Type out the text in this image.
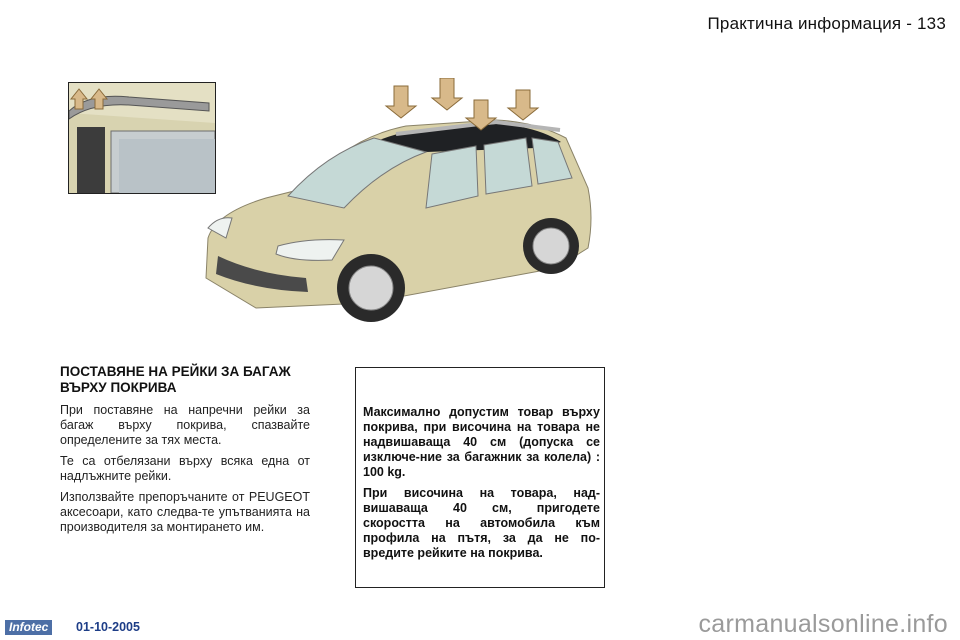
Практична информация - 133
ПОСТАВЯНЕ НА РЕЙКИ ЗА БАГАЖ ВЪРХУ ПОКРИВА

При поставяне на напречни рейки за багаж върху покрива, спазвайте определените за тях места.

Те са отбелязани върху всяка една от надлъжните рейки.

Използвайте препоръчаните от PEUGEOT аксесоари, като следва-те упътванията на производителя за монтирането им.

Максимално допустим товар върху покрива, при височина на товара не надвишаваща 40 см (допуска се изключе-ние за багажник за колела) : 100 kg.

При височина на товара, над-вишаваща 40 см, пригодете скоростта на автомобила към профила на пътя, за да не по-вредите рейките на покрива.

Infotec	01-10-2005	carmanualsonline.info
